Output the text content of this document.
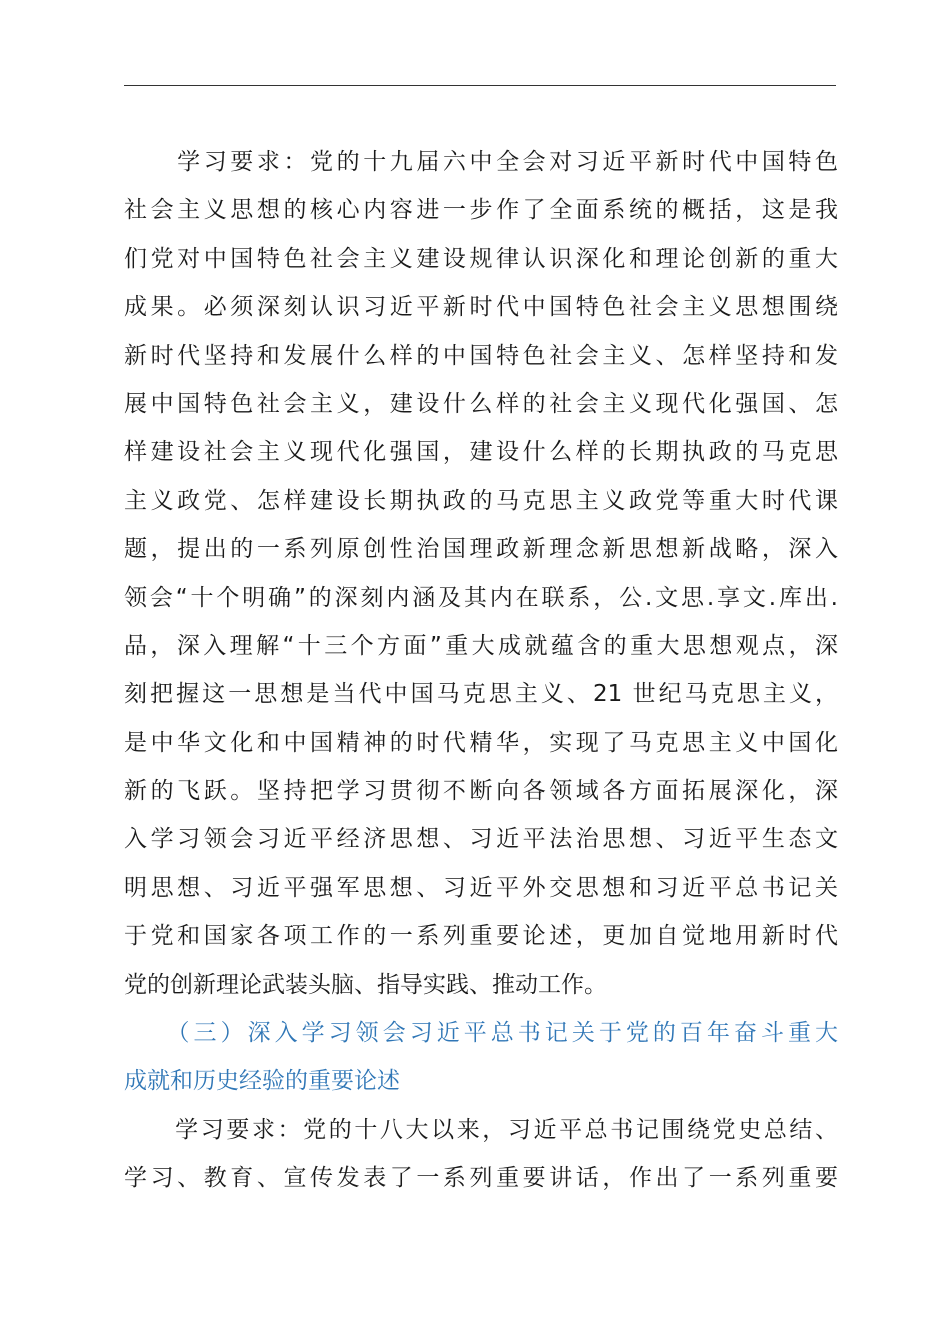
　　学习要求：党的十九届六中全会对习近平新时代中国特色
社会主义思想的核心内容进一步作了全面系统的概括，这是我
们党对中国特色社会主义建设规律认识深化和理论创新的重大
成果。必须深刻认识习近平新时代中国特色社会主义思想围绕
新时代坚持和发展什么样的中国特色社会主义、怎样坚持和发
展中国特色社会主义，建设什么样的社会主义现代化强国、怎
样建设社会主义现代化强国，建设什么样的长期执政的马克思
主义政党、怎样建设长期执政的马克思主义政党等重大时代课
题，提出的一系列原创性治国理政新理念新思想新战略，深入
领会“十个明确”的深刻内涵及其内在联系，公.文思.享文.库出.
品，深入理解“十三个方面”重大成就蕴含的重大思想观点，深
刻把握这一思想是当代中国马克思主义、21 世纪马克思主义，
是中华文化和中国精神的时代精华，实现了马克思主义中国化
新的飞跃。坚持把学习贯彻不断向各领域各方面拓展深化，深
入学习领会习近平经济思想、习近平法治思想、习近平生态文
明思想、习近平强军思想、习近平外交思想和习近平总书记关
于党和国家各项工作的一系列重要论述，更加自觉地用新时代
党的创新理论武装头脑、指导实践、推动工作。
　　（三）深入学习领会习近平总书记关于党的百年奋斗重大
成就和历史经验的重要论述
　　学习要求：党的十八大以来，习近平总书记围绕党史总结、
学习、教育、宣传发表了一系列重要讲话，作出了一系列重要
